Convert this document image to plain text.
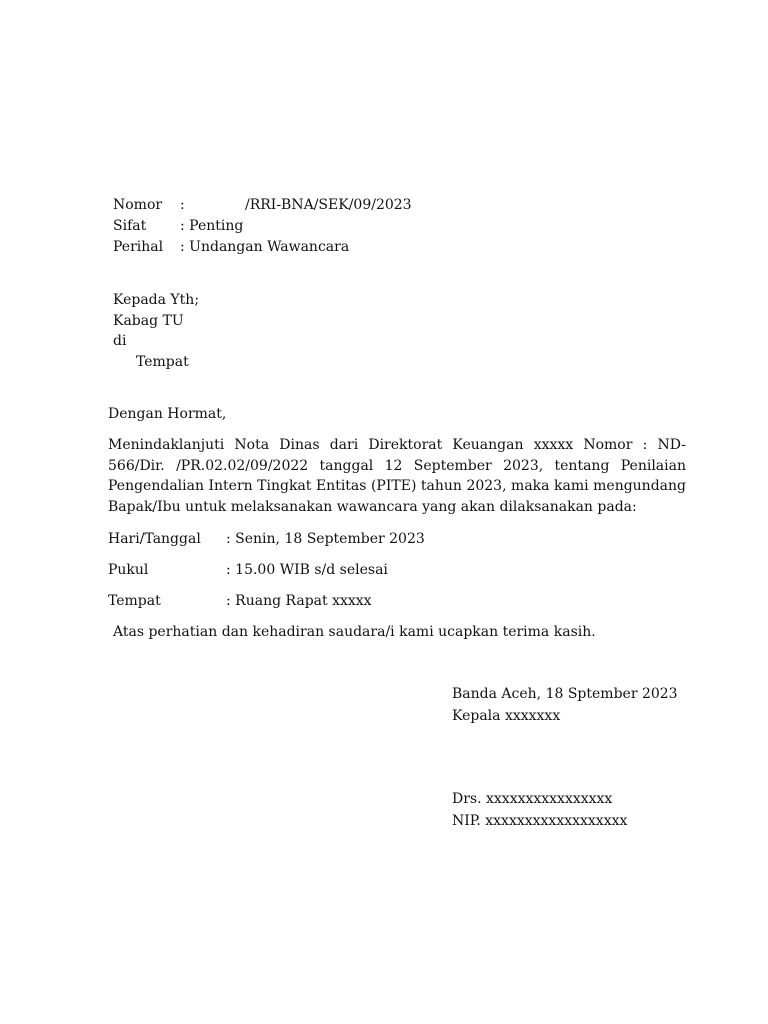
Nomor :	/RRI-BNA/SEK/09/2023
Sifat : Penting
Perihal : Undangan Wawancara
Kepada Yth;
Kabag TU
di
Tempat
Dengan Hormat,
Menindaklanjuti Nota Dinas dari Direktorat Keuangan xxxxx Nomor : ND-566/Dir. /PR.02.02/09/2022 tanggal 12 September 2023, tentang Penilaian Pengendalian Intern Tingkat Entitas (PITE) tahun 2023, maka kami mengundang Bapak/Ibu untuk melaksanakan wawancara yang akan dilaksanakan pada:
Hari/Tanggal : Senin, 18 September 2023
Pukul	: 15.00 WIB s/d selesai
Tempat	: Ruang Rapat xxxxx
Atas perhatian dan kehadiran saudara/i kami ucapkan terima kasih.
Banda Aceh, 18 Sptember 2023
Kepala xxxxxxx
Drs. xxxxxxxxxxxxxxxx
NIP. xxxxxxxxxxxxxxxxxx
